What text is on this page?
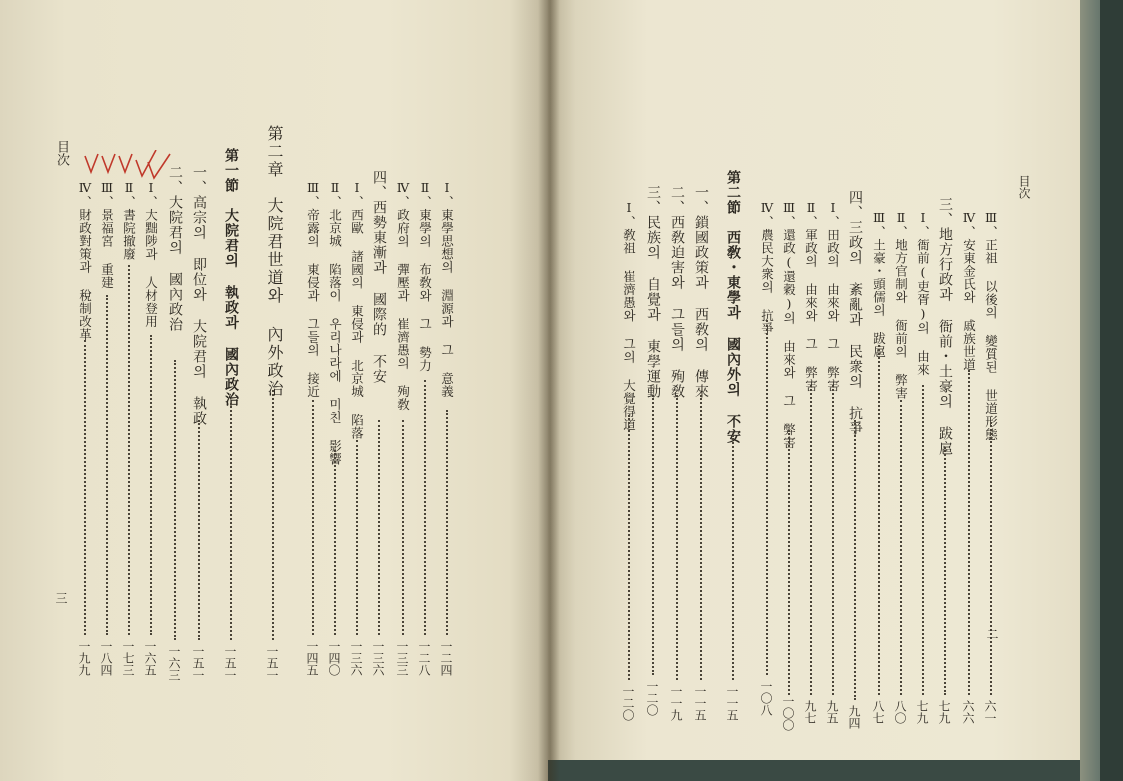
目次
Ⅰ、東學思想의 淵源과 그 意義
一二四
Ⅱ、東學의 布敎와 그 勢力
一二八
Ⅳ、政府의 彈壓과 崔濟愚의 殉敎
一三三
四、西勢東漸과 國際的 不安
一三六
Ⅰ、西歐 諸國의 東侵과 北京城 陷落
一三六
Ⅱ、北京城 陷落이 우리나라에 미친 影響
一四〇
Ⅲ、帝露의 東侵과 그들의 接近
一四五
第二章　大院君世道와 內外政治
一五一
第一節　大院君의 執政과 國內政治
一五一
一、高宗의 即位와 大院君의 執政
一五一
二、大院君의 國內政治
一六三
Ⅰ、大黜陟과 人材登用
一六五
Ⅱ、書院撤廢
一七三
Ⅲ、景福宮 重建
一八四
Ⅳ、財政對策과 稅制改革
一九九
三
目次
Ⅲ、正祖 以後의 變質된 世道形態
六一
Ⅳ、安東金氏와 戚族世道
六六
三、地方行政과 衙前・土豪의 跋扈
七九
Ⅰ、衙前(吏胥)의 由來
七九
Ⅱ、地方官制와 衙前의 弊害
八〇
Ⅲ、土豪・頭儒의 跋扈
八七
四、三政의 紊亂과 民衆의 抗爭
九四
Ⅰ、田政의 由來와 그 弊害
九五
Ⅱ、軍政의 由來와 그 弊害
九七
Ⅲ、還政(還穀)의 由來와 그 弊害
一〇〇
Ⅳ、農民大衆의 抗爭
一〇八
第二節　西敎・東學과 國內外의 不安
一一五
一、鎖國政策과 西敎의 傳來
一一五
二、西敎迫害와 그들의 殉敎
一一九
三、民族의 自覺과 東學運動
一二〇
Ⅰ、敎祖 崔濟愚와 그의 大覺得道
一二〇
二
